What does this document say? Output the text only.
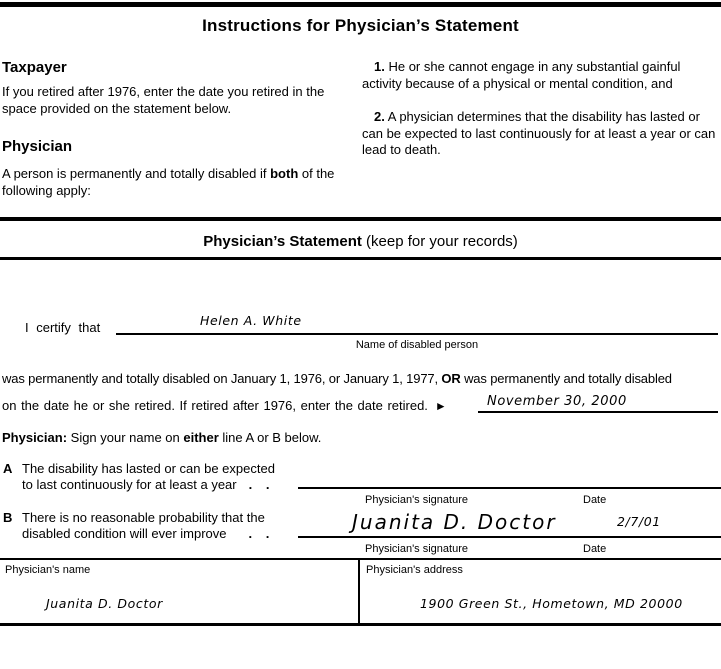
Instructions for Physician’s Statement
Taxpayer
If you retired after 1976, enter the date you retired in the space provided on the statement below.
Physician
A person is permanently and totally disabled if both of the following apply:
1. He or she cannot engage in any substantial gainful activity because of a physical or mental condition, and
2. A physician determines that the disability has lasted or can be expected to last continuously for at least a year or can lead to death.
Physician’s Statement (keep for your records)
I certify that	Helen A. White
Name of disabled person
was permanently and totally disabled on January 1, 1976, or January 1, 1977, OR was permanently and totally disabled
on the date he or she retired. If retired after 1976, enter the date retired. ►	November 30, 2000
Physician: Sign your name on either line A or B below.
A The disability has lasted or can be expected
to last continuously for at least a year . .
Physician's signature	Date
B There is no reasonable probability that the
disabled condition will ever improve . .	Juanita D. Doctor	2/7/01
Physician's signature	Date
Physician's name
Juanita D. Doctor
Physician's address
1900 Green St., Hometown, MD 20000
